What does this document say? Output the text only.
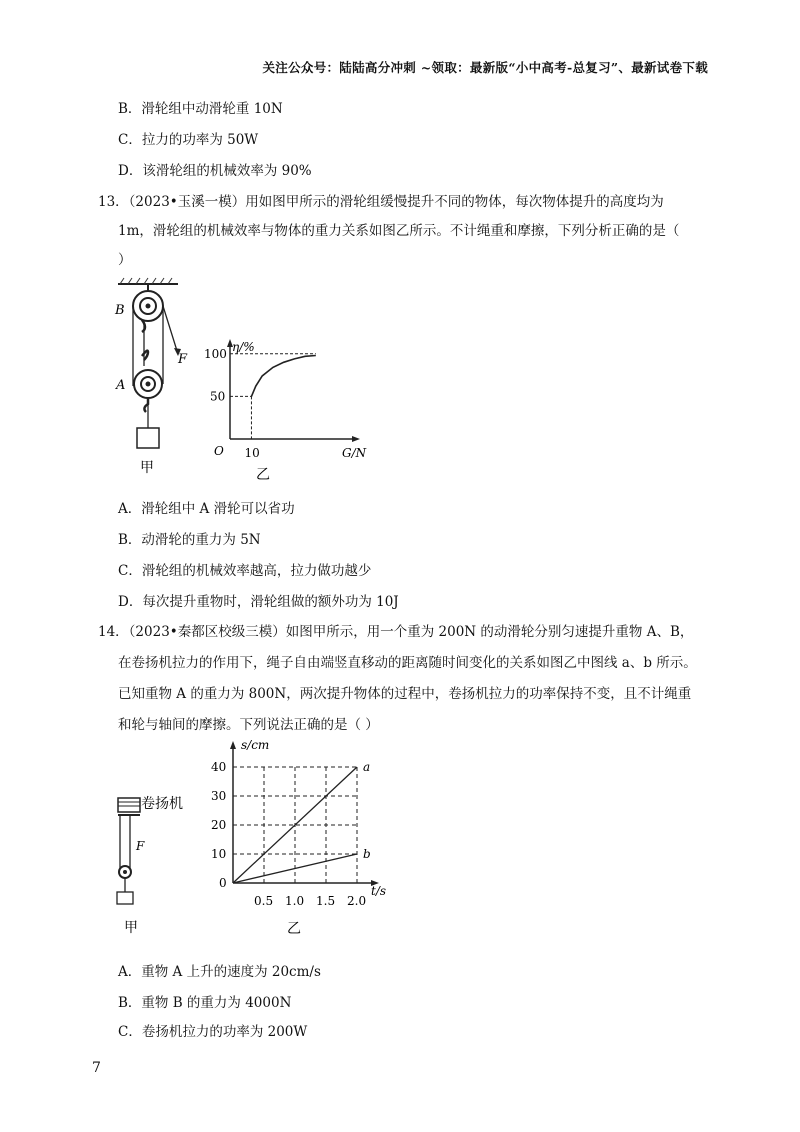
关注公众号：陆陆高分冲刺 ~领取：最新版“小中高考-总复习”、最新试卷下载
B．滑轮组中动滑轮重 10N
C．拉力的功率为 50W
D．该滑轮组的机械效率为 90%
13．（2023•玉溪一模）用如图甲所示的滑轮组缓慢提升不同的物体，每次物体提升的高度均为
1m，滑轮组的机械效率与物体的重力关系如图乙所示。不计绳重和摩擦，下列分析正确的是（
）
B
A
F
甲
η/%
G/N
O
100
50
10
乙
A．滑轮组中 A 滑轮可以省功
B．动滑轮的重力为 5N
C．滑轮组的机械效率越高，拉力做功越少
D．每次提升重物时，滑轮组做的额外功为 10J
14．（2023•秦都区校级三模）如图甲所示，用一个重为 200N 的动滑轮分别匀速提升重物 A、B，
在卷扬机拉力的作用下，绳子自由端竖直移动的距离随时间变化的关系如图乙中图线 a、b 所示。
已知重物 A 的重力为 800N，两次提升物体的过程中，卷扬机拉力的功率保持不变，且不计绳重
和轮与轴间的摩擦。下列说法正确的是（ ）
卷扬机
F
甲
10
20
30
40
s/cm
t/s
0
0.5 1.0 1.5 2.0
a
b
乙
A．重物 A 上升的速度为 20cm/s
B．重物 B 的重力为 4000N
C．卷扬机拉力的功率为 200W
7
